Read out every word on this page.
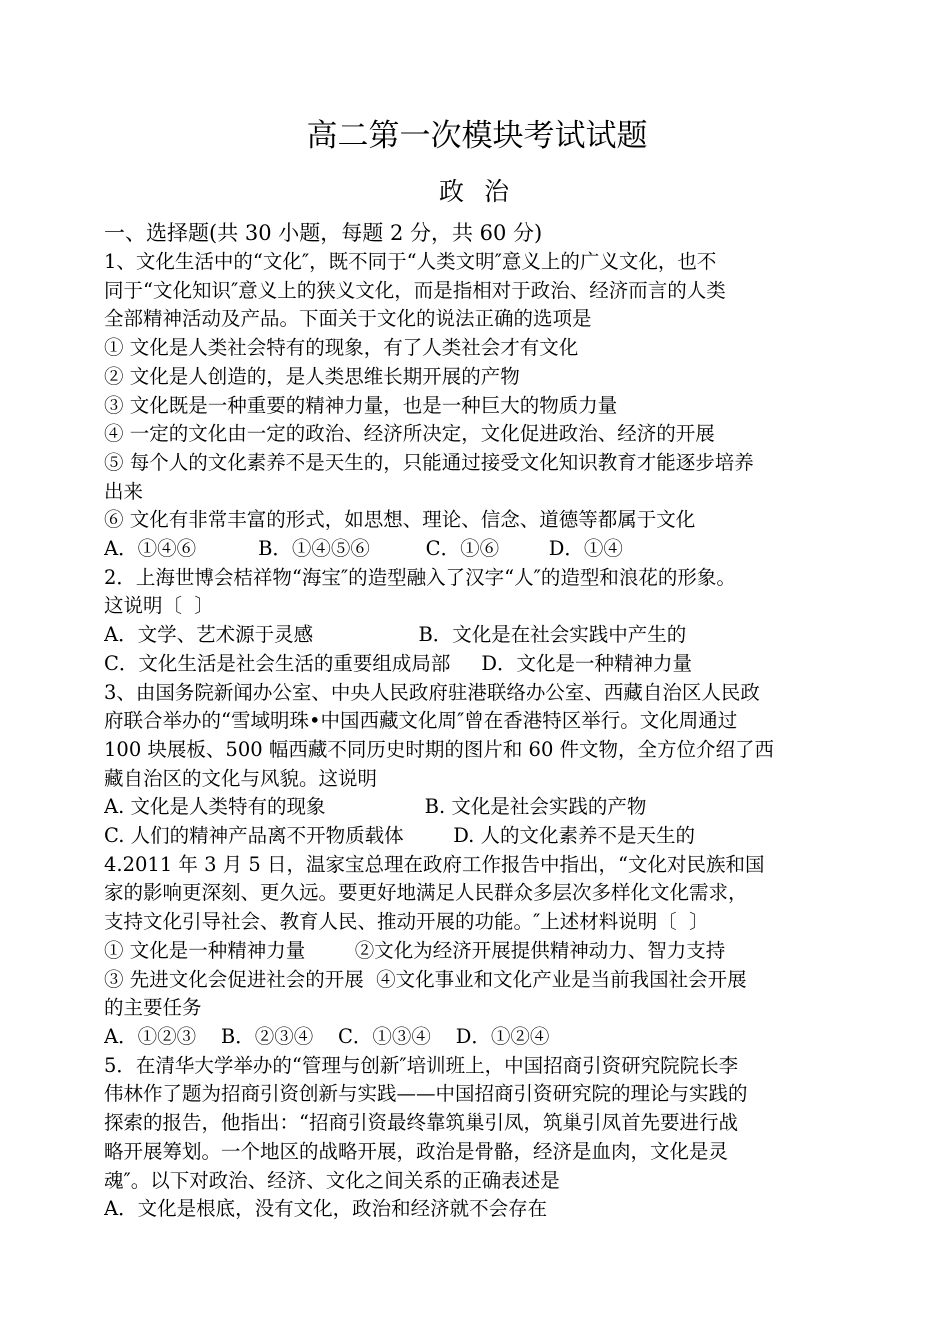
高二第一次模块考试试题
政 治
一、选择题(共 30 小题，每题 2 分，共 60 分)
1、文化生活中的“文化″，既不同于“人类文明″意义上的广义文化，也不
同于“文化知识″意义上的狭义文化，而是指相对于政治、经济而言的人类
全部精神活动及产品。下面关于文化的说法正确的选项是
① 文化是人类社会特有的现象，有了人类社会才有文化
② 文化是人创造的，是人类思维长期开展的产物
③ 文化既是一种重要的精神力量，也是一种巨大的物质力量
④ 一定的文化由一定的政治、经济所决定，文化促进政治、经济的开展
⑤ 每个人的文化素养不是天生的，只能通过接受文化知识教育才能逐步培养
出来
⑥ 文化有非常丰富的形式，如思想、理论、信念、道德等都属于文化
A．①④⑥          B．①④⑤⑥         C．①⑥        D．①④
2．上海世博会桔祥物“海宝″的造型融入了汉字“人″的造型和浪花的形象。
这说明〔  〕
A．文学、艺术源于灵感                 B．文化是在社会实践中产生的
C．文化生活是社会生活的重要组成局部     D．文化是一种精神力量
3、由国务院新闻办公室、中央人民政府驻港联络办公室、西藏自治区人民政
府联合举办的“雪域明珠•中国西藏文化周″曾在香港特区举行。文化周通过
100 块展板、500 幅西藏不同历史时期的图片和 60 件文物，全方位介绍了西
藏自治区的文化与风貌。这说明
A. 文化是人类特有的现象                B. 文化是社会实践的产物
C. 人们的精神产品离不开物质载体        D. 人的文化素养不是天生的
4.2011 年 3 月 5 日，温家宝总理在政府工作报告中指出，“文化对民族和国
家的影响更深刻、更久远。要更好地满足人民群众多层次多样化文化需求，
支持文化引导社会、教育人民、推动开展的功能。″上述材料说明〔  〕
① 文化是一种精神力量        ②文化为经济开展提供精神动力、智力支持
③ 先进文化会促进社会的开展  ④文化事业和文化产业是当前我国社会开展
的主要任务
A．①②③    B．②③④    C．①③④    D．①②④
5．在清华大学举办的“管理与创新″培训班上，中国招商引资研究院院长李
伟林作了题为招商引资创新与实践——中国招商引资研究院的理论与实践的
探索的报告，他指出：“招商引资最终靠筑巢引凤，筑巢引凤首先要进行战
略开展筹划。一个地区的战略开展，政治是骨骼，经济是血肉，文化是灵
魂″。以下对政治、经济、文化之间关系的正确表述是
A．文化是根底，没有文化，政治和经济就不会存在
